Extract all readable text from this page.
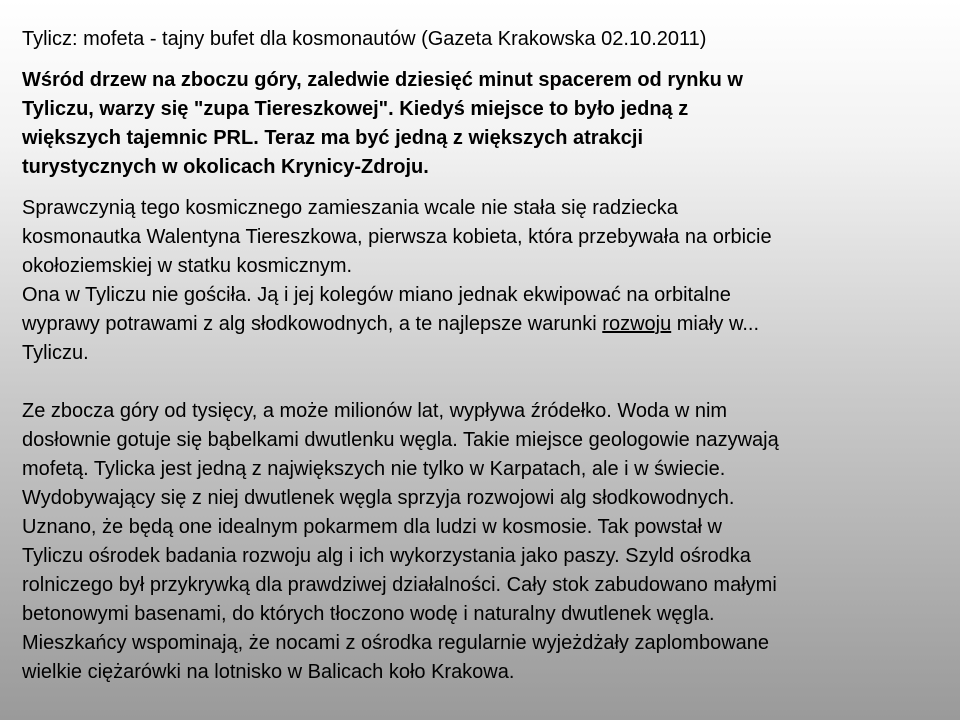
Tylicz: mofeta - tajny bufet dla kosmonautów (Gazeta Krakowska 02.10.2011)
Wśród drzew na zboczu góry, zaledwie dziesięć minut spacerem od rynku w
Tyliczu, warzy się "zupa Tiereszkowej". Kiedyś miejsce to było jedną z
większych tajemnic PRL. Teraz ma być jedną z większych atrakcji
turystycznych w okolicach Krynicy-Zdroju.
Sprawczynią tego kosmicznego zamieszania wcale nie stała się radziecka
kosmonautka Walentyna Tiereszkowa, pierwsza kobieta, która przebywała na orbicie
okołoziemskiej w statku kosmicznym.
Ona w Tyliczu nie gościła. Ją i jej kolegów miano jednak ekwipować na orbitalne
wyprawy potrawami z alg słodkowodnych, a te najlepsze warunki rozwoju miały w...
Tyliczu.
Ze zbocza góry od tysięcy, a może milionów lat, wypływa źródełko. Woda w nim
dosłownie gotuje się bąbelkami dwutlenku węgla. Takie miejsce geologowie nazywają
mofetą. Tylicka jest jedną z największych nie tylko w Karpatach, ale i w świecie.
Wydobywający się z niej dwutlenek węgla sprzyja rozwojowi alg słodkowodnych.
Uznano, że będą one idealnym pokarmem dla ludzi w kosmosie. Tak powstał w
Tyliczu ośrodek badania rozwoju alg i ich wykorzystania jako paszy. Szyld ośrodka
rolniczego był przykrywką dla prawdziwej działalności. Cały stok zabudowano małymi
betonowymi basenami, do których tłoczono wodę i naturalny dwutlenek węgla.
Mieszkańcy wspominają, że nocami z ośrodka regularnie wyjeżdżały zaplombowane
wielkie ciężarówki na lotnisko w Balicach koło Krakowa.
